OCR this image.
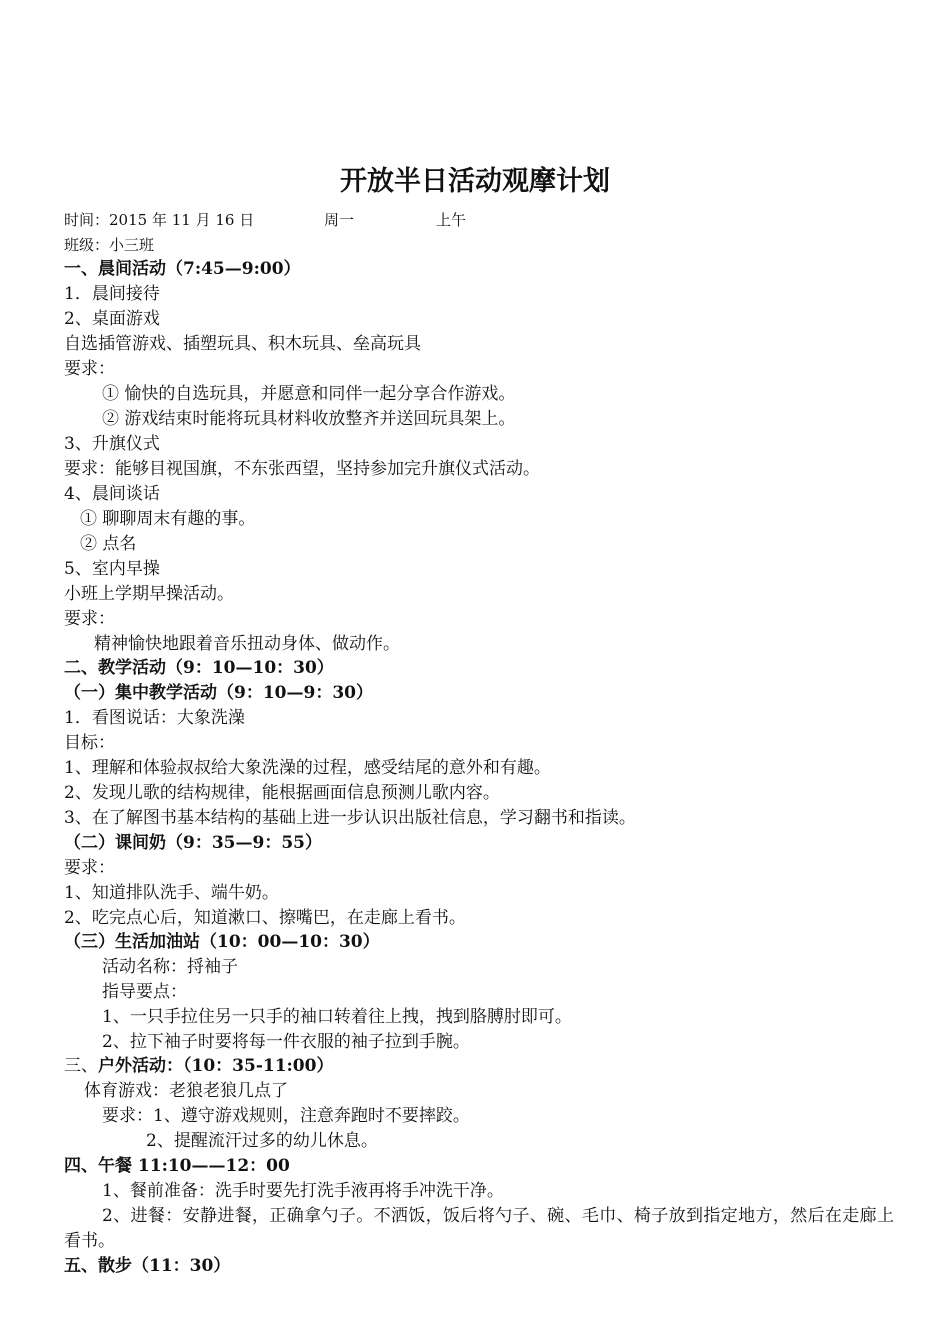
开放半日活动观摩计划
时间：2015 年 11 月 16 日	周一	上午
班级：小三班
一、晨间活动（7:45—9:00）
1．晨间接待
2、桌面游戏
自选插管游戏、插塑玩具、积木玩具、垒高玩具
要求：
① 愉快的自选玩具，并愿意和同伴一起分享合作游戏。
② 游戏结束时能将玩具材料收放整齐并送回玩具架上。
3、升旗仪式
要求：能够目视国旗，不东张西望，坚持参加完升旗仪式活动。
4、晨间谈话
① 聊聊周末有趣的事。
② 点名
5、室内早操
小班上学期早操活动。
要求：
精神愉快地跟着音乐扭动身体、做动作。
二、教学活动（9：10—10：30）
（一）集中教学活动（9：10—9：30）
1．看图说话：大象洗澡
目标：
1、理解和体验叔叔给大象洗澡的过程，感受结尾的意外和有趣。
2、发现儿歌的结构规律，能根据画面信息预测儿歌内容。
3、在了解图书基本结构的基础上进一步认识出版社信息，学习翻书和指读。
（二）课间奶（9：35—9：55）
要求：
1、知道排队洗手、端牛奶。
2、吃完点心后，知道漱口、擦嘴巴，在走廊上看书。
（三）生活加油站（10：00—10：30）
活动名称：捋袖子
指导要点：
1、一只手拉住另一只手的袖口转着往上拽，拽到胳膊肘即可。
2、拉下袖子时要将每一件衣服的袖子拉到手腕。
三、户外活动：（10：35-11:00）
体育游戏：老狼老狼几点了
要求：1、遵守游戏规则，注意奔跑时不要摔跤。
2、提醒流汗过多的幼儿休息。
四、午餐 11:10——12：00
1、餐前准备：洗手时要先打洗手液再将手冲洗干净。
2、进餐：安静进餐，正确拿勺子。不洒饭，饭后将勺子、碗、毛巾、椅子放到指定地方，然后在走廊上看书。
五、散步（11：30）
